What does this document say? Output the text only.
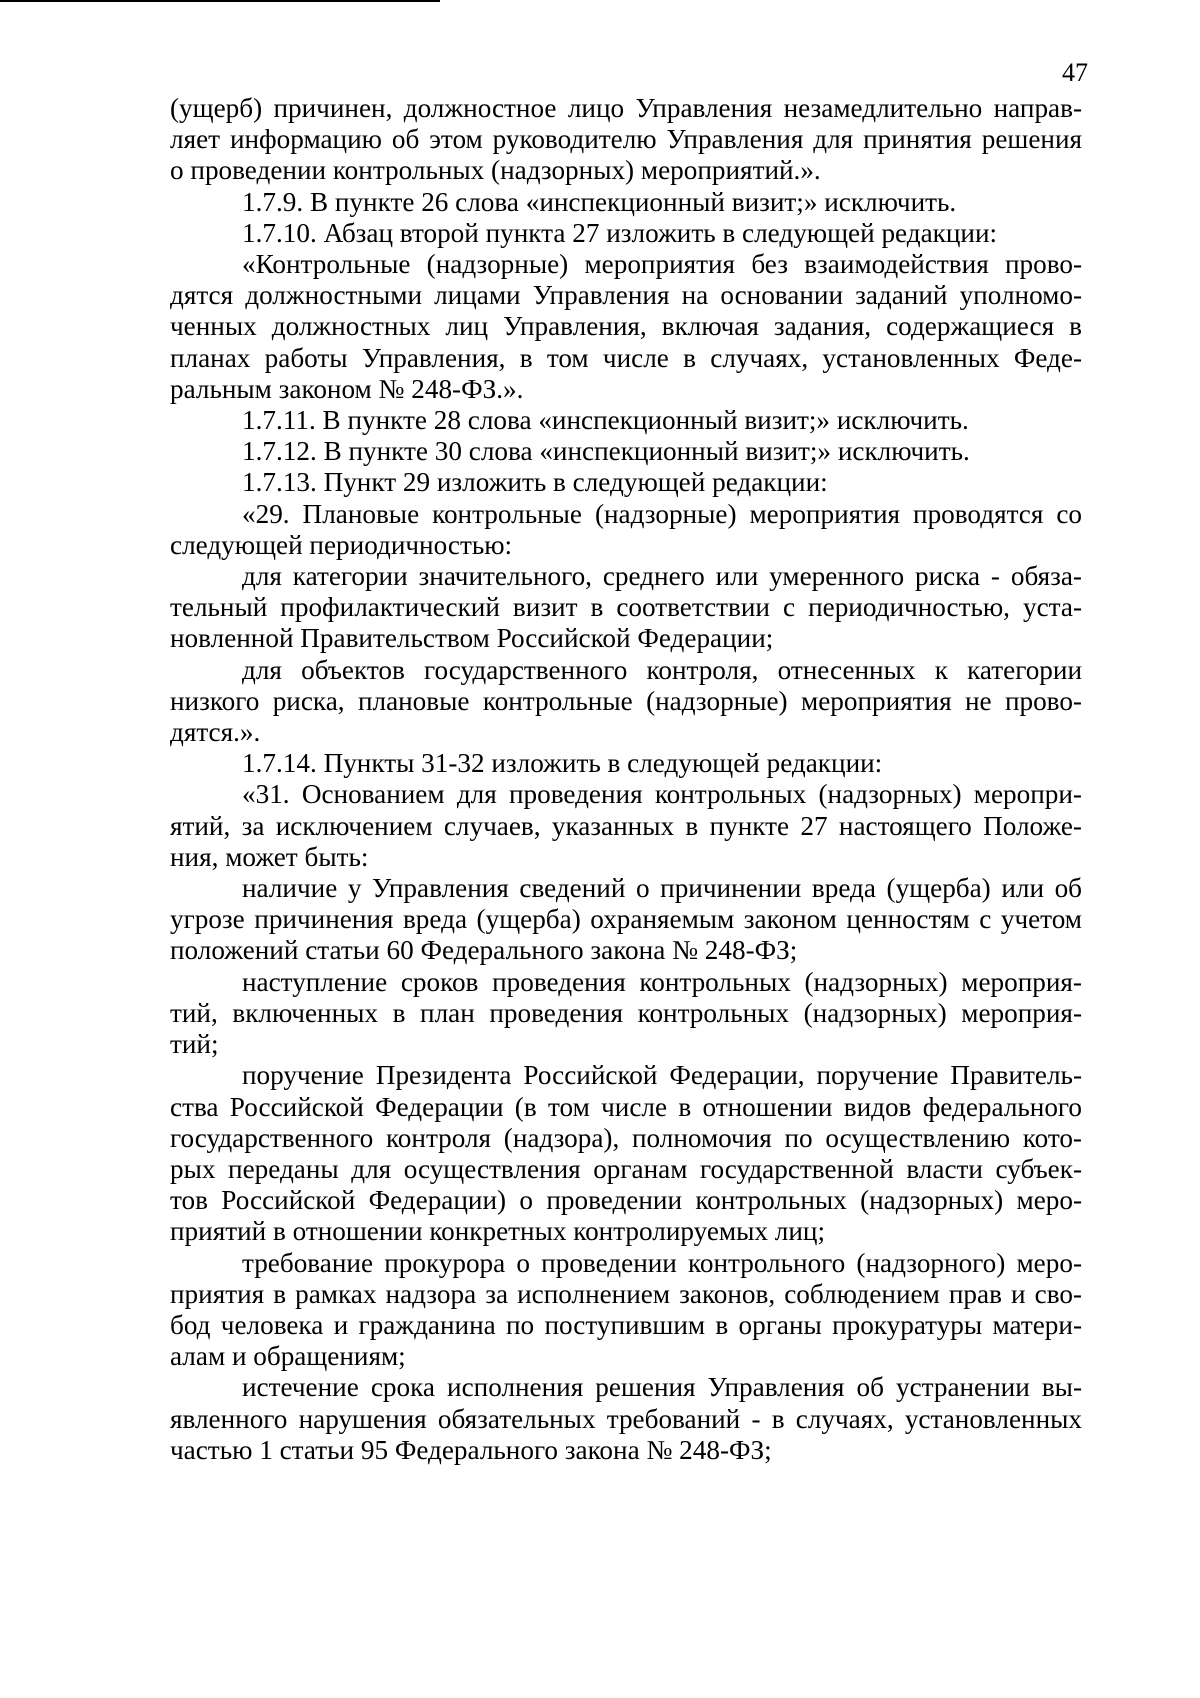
47
(ущерб) причинен, должностное лицо Управления незамедлительно направ-
ляет информацию об этом руководителю Управления для принятия решения
о проведении контрольных (надзорных) мероприятий.».
1.7.9. В пункте 26 слова «инспекционный визит;» исключить.
1.7.10. Абзац второй пункта 27 изложить в следующей редакции:
«Контрольные (надзорные) мероприятия без взаимодействия прово-
дятся должностными лицами Управления на основании заданий уполномо-
ченных должностных лиц Управления, включая задания, содержащиеся в
планах работы Управления, в том числе в случаях, установленных Феде-
ральным законом № 248-ФЗ.».
1.7.11. В пункте 28 слова «инспекционный визит;» исключить.
1.7.12. В пункте 30 слова «инспекционный визит;» исключить.
1.7.13. Пункт 29 изложить в следующей редакции:
«29. Плановые контрольные (надзорные) мероприятия проводятся со
следующей периодичностью:
для категории значительного, среднего или умеренного риска - обяза-
тельный профилактический визит в соответствии с периодичностью, уста-
новленной Правительством Российской Федерации;
для объектов государственного контроля, отнесенных к категории
низкого риска, плановые контрольные (надзорные) мероприятия не прово-
дятся.».
1.7.14. Пункты 31-32 изложить в следующей редакции:
«31. Основанием для проведения контрольных (надзорных) меропри-
ятий, за исключением случаев, указанных в пункте 27 настоящего Положе-
ния, может быть:
наличие у Управления сведений о причинении вреда (ущерба) или об
угрозе причинения вреда (ущерба) охраняемым законом ценностям с учетом
положений статьи 60 Федерального закона № 248-ФЗ;
наступление сроков проведения контрольных (надзорных) мероприя-
тий, включенных в план проведения контрольных (надзорных) мероприя-
тий;
поручение Президента Российской Федерации, поручение Правитель-
ства Российской Федерации (в том числе в отношении видов федерального
государственного контроля (надзора), полномочия по осуществлению кото-
рых переданы для осуществления органам государственной власти субъек-
тов Российской Федерации) о проведении контрольных (надзорных) меро-
приятий в отношении конкретных контролируемых лиц;
требование прокурора о проведении контрольного (надзорного) меро-
приятия в рамках надзора за исполнением законов, соблюдением прав и сво-
бод человека и гражданина по поступившим в органы прокуратуры матери-
алам и обращениям;
истечение срока исполнения решения Управления об устранении вы-
явленного нарушения обязательных требований - в случаях, установленных
частью 1 статьи 95 Федерального закона № 248-ФЗ;
